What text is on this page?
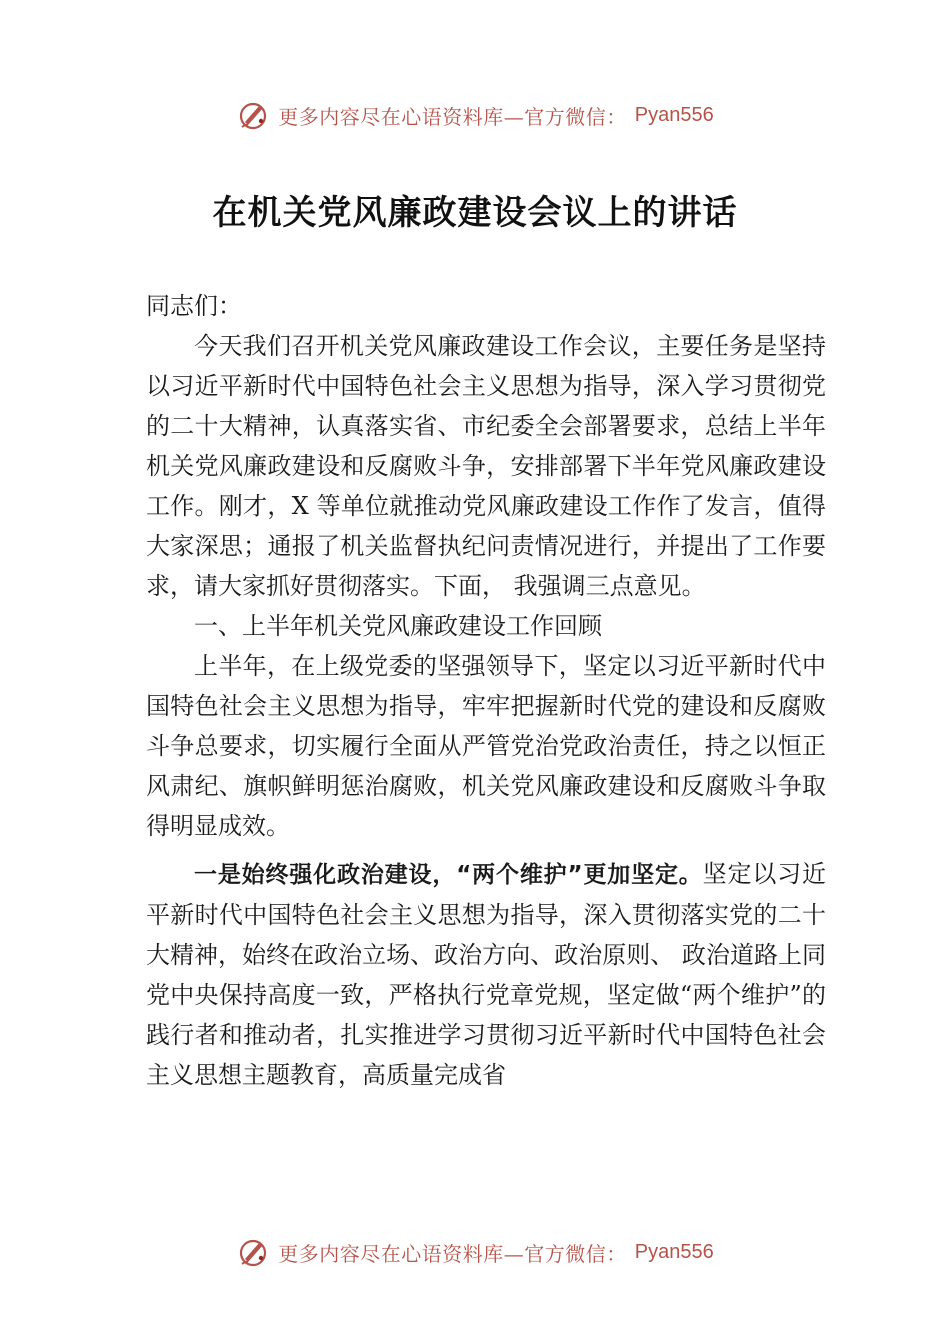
更多内容尽在心语资料库—官方微信： Pyan556
在机关党风廉政建设会议上的讲话

同志们：

今天我们召开机关党风廉政建设工作会议，主要任务是坚持以习近平新时代中国特色社会主义思想为指导，深入学习贯彻党的二十大精神，认真落实省、市纪委全会部署要求，总结上半年机关党风廉政建设和反腐败斗争，安排部署下半年党风廉政建设工作。刚才，X 等单位就推动党风廉政建设工作作了发言，值得大家深思；通报了机关监督执纪问责情况进行，并提出了工作要求，请大家抓好贯彻落实。下面， 我强调三点意见。

一、上半年机关党风廉政建设工作回顾

上半年，在上级党委的坚强领导下，坚定以习近平新时代中国特色社会主义思想为指导，牢牢把握新时代党的建设和反腐败斗争总要求，切实履行全面从严管党治党政治责任，持之以恒正风肃纪、旗帜鲜明惩治腐败，机关党风廉政建设和反腐败斗争取得明显成效。

一是始终强化政治建设，“两个维护”更加坚定。坚定以习近平新时代中国特色社会主义思想为指导，深入贯彻落实党的二十大精神，始终在政治立场、政治方向、政治原则、 政治道路上同党中央保持高度一致，严格执行党章党规，坚定做“两个维护”的践行者和推动者，扎实推进学习贯彻习近平新时代中国特色社会主义思想主题教育，高质量完成省

更多内容尽在心语资料库—官方微信： Pyan556
